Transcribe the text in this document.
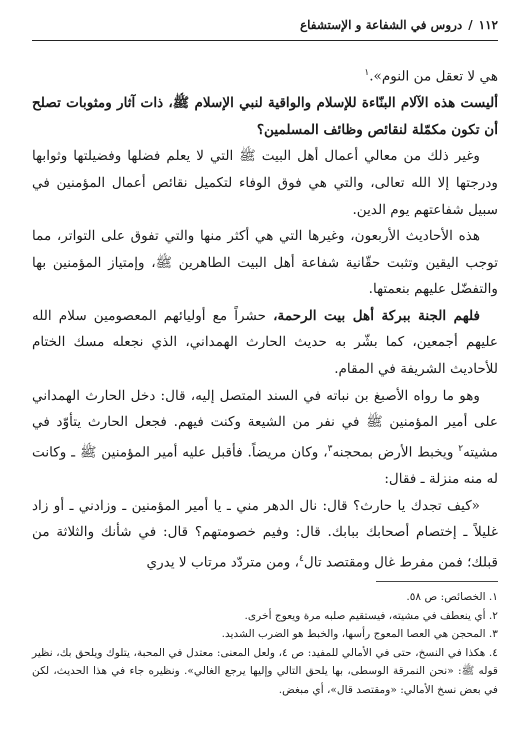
١١٢
/
دروس في الشفاعة و الإستشفاع

هي لا تعقل من النوم».$^١$

أليست هذه الآلام البنّاءة للإسلام والواقية لنبي الإسلام ﷺ، ذات آثار ومثوبات تصلح أن تكون مكمّلة لنقائص وظائف المسلمين؟

وغير ذلك من معالي أعمال أهل البيت ﷺ التي لا يعلم فضلها وفضيلتها وثوابها ودرجتها إلا الله تعالى، والتي هي فوق الوفاء لتكميل نقائص أعمال المؤمنين في سبيل شفاعتهم يوم الدين.

هذه الأحاديث الأربعون، وغيرها التي هي أكثر منها والتي تفوق على التواتر، مما توجب اليقين وتثبت حقّانية شفاعة أهل البيت الطاهرين ﷺ، وإمتياز المؤمنين بها والتفضّل عليهم بنعمتها.

فلهم الجنة ببركة أهل بيت الرحمة، حشراً مع أوليائهم المعصومين سلام الله عليهم أجمعين، كما بشّر به حديث الحارث الهمداني، الذي نجعله مسك الختام للأحاديث الشريفة في المقام.

وهو ما رواه الأصبغ بن نباته في السند المتصل إليه، قال: دخل الحارث الهمداني على أمير المؤمنين ﷺ في نفر من الشيعة وكنت فيهم. فجعل الحارث يتأوّد في مشيته$^٢$ ويخبط الأرض بمحجنه$^٣$، وكان مريضاً. فأقبل عليه أمير المؤمنين ﷺ ـ وكانت له منه منزلة ـ فقال:

«كيف تجدك يا حارث؟ قال: نال الدهر مني ـ يا أمير المؤمنين ـ وزادني ـ أو زاد غليلاً ـ إختصام أصحابك ببابك. قال: وفيم خصومتهم؟ قال: في شأنك والثلاثة من قبلك؛ فمن مفرط غال ومقتصد تال$^٤$، ومن متردّد مرتاب لا يدري

١. الخصائص: ص ٥٨.

٢. أي ينعطف في مشيته، فيستقيم صلبه مرة ويعوج أخرى.

٣. المحجن هي العصا المعوج رأسها، والخبط هو الضرب الشديد.

٤. هكذا في النسخ، حتى في الأمالي للمفيد: ص ٤، ولعل المعنى: معتدل في المحبة، يتلوك ويلحق بك، نظير قوله ﷺ: «نحن النمرقة الوسطى، بها يلحق التالي وإليها يرجع الغالي». ونظيره جاء في هذا الحديث، لكن في بعض نسخ الأمالي: «ومقتصد قال»، أي مبغض.
